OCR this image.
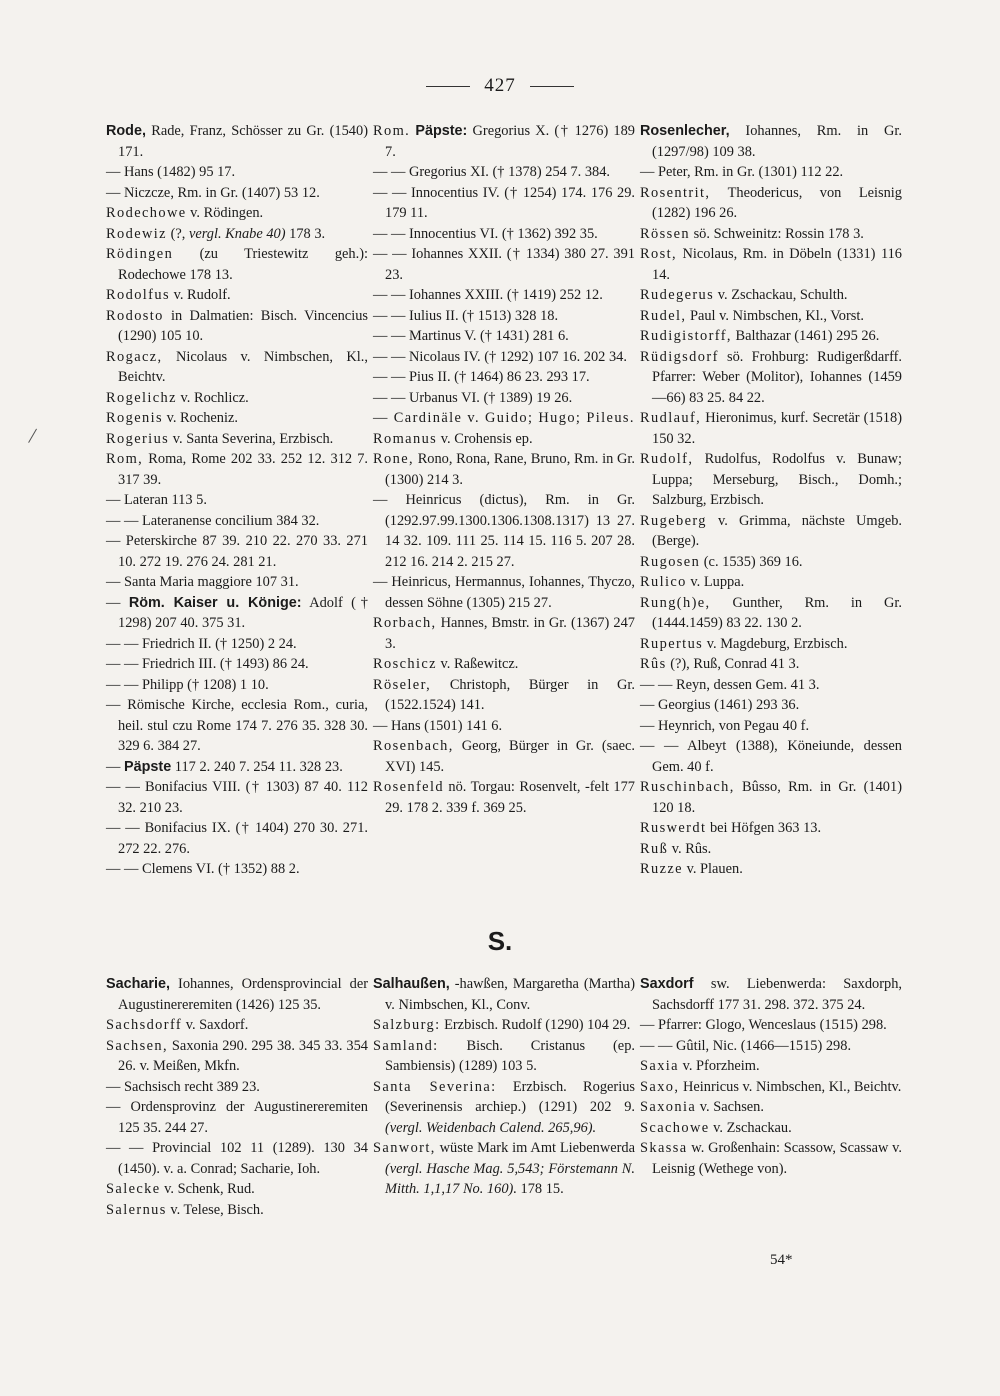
427
Rode, Rade, Franz, Schösser zu Gr. (1540) 171.
— Hans (1482) 95 17.
— Niczcze, Rm. in Gr. (1407) 53 12.
Rodechowe v. Rödingen.
Rodewiz (?, vergl. Knabe 40) 178 3.
Rödingen (zu Triestewitz geh.): Rodechowe 178 13.
Rodolfus v. Rudolf.
Rodosto in Dalmatien: Bisch. Vincencius (1290) 105 10.
Rogacz, Nicolaus v. Nimbschen, Kl., Beichtv.
Rogelichz v. Rochlicz.
Rogenis v. Rocheniz.
Rogerius v. Santa Severina, Erzbisch.
Rom, Roma, Rome 202 33. 252 12. 312 7. 317 39.
— Lateran 113 5.
— — Lateranense concilium 384 32.
— Peterskirche 87 39. 210 22. 270 33. 271 10. 272 19. 276 24. 281 21.
— Santa Maria maggiore 107 31.
— Röm. Kaiser u. Könige: Adolf († 1298) 207 40. 375 31.
— — Friedrich II. († 1250) 2 24.
— — Friedrich III. († 1493) 86 24.
— — Philipp († 1208) 1 10.
— Römische Kirche, ecclesia Rom., curia, heil. stul czu Rome 174 7. 276 35. 328 30. 329 6. 384 27.
— Päpste 117 2. 240 7. 254 11. 328 23.
— — Bonifacius VIII. († 1303) 87 40. 112 32. 210 23.
— — Bonifacius IX. († 1404) 270 30. 271. 272 22. 276.
— — Clemens VI. († 1352) 88 2.
Rom. Päpste: Gregorius X. († 1276) 189 7.
— — Gregorius XI. († 1378) 254 7. 384.
— — Innocentius IV. († 1254) 174. 176 29. 179 11.
— — Innocentius VI. († 1362) 392 35.
— — Iohannes XXII. († 1334) 380 27. 391 23.
— — Iohannes XXIII. († 1419) 252 12.
— — Iulius II. († 1513) 328 18.
— — Martinus V. († 1431) 281 6.
— — Nicolaus IV. († 1292) 107 16. 202 34.
— — Pius II. († 1464) 86 23. 293 17.
— — Urbanus VI. († 1389) 19 26.
— Cardinäle v. Guido; Hugo; Pileus.
Romanus v. Crohensis ep.
Rone, Rono, Rona, Rane, Bruno, Rm. in Gr. (1300) 214 3.
— Heinricus (dictus), Rm. in Gr. (1292.97.99.1300.1306.1308.1317) 13 27. 14 32. 109. 111 25. 114 15. 116 5. 207 28. 212 16. 214 2. 215 27.
— Heinricus, Hermannus, Iohannes, Thyczo, dessen Söhne (1305) 215 27.
Rorbach, Hannes, Bmstr. in Gr. (1367) 247 3.
Roschicz v. Raßewitcz.
Röseler, Christoph, Bürger in Gr. (1522.1524) 141.
— Hans (1501) 141 6.
Rosenbach, Georg, Bürger in Gr. (saec. XVI) 145.
Rosenfeld nö. Torgau: Rosenvelt, -felt 177 29. 178 2. 339 f. 369 25.
Rosenlecher, Iohannes, Rm. in Gr. (1297/98) 109 38.
— Peter, Rm. in Gr. (1301) 112 22.
Rosentrit, Theodericus, von Leisnig (1282) 196 26.
Rössen sö. Schweinitz: Rossin 178 3.
Rost, Nicolaus, Rm. in Döbeln (1331) 116 14.
Rudegerus v. Zschackau, Schulth.
Rudel, Paul v. Nimbschen, Kl., Vorst.
Rudigistorff, Balthazar (1461) 295 26.
Rüdigsdorf sö. Frohburg: Rudigerßdarff. Pfarrer: Weber (Molitor), Iohannes (1459—66) 83 25. 84 22.
Rudlauf, Hieronimus, kurf. Secretär (1518) 150 32.
Rudolf, Rudolfus, Rodolfus v. Bunaw; Luppa; Merseburg, Bisch., Domh.; Salzburg, Erzbisch.
Rugeberg v. Grimma, nächste Umgeb. (Berge).
Rugosen (c. 1535) 369 16.
Rulico v. Luppa.
Rung(h)e, Gunther, Rm. in Gr. (1444.1459) 83 22. 130 2.
Rupertus v. Magdeburg, Erzbisch.
Rûs (?), Ruß, Conrad 41 3.
— — Reyn, dessen Gem. 41 3.
— Georgius (1461) 293 36.
— Heynrich, von Pegau 40 f.
— — Albeyt (1388), Köneiunde, dessen Gem. 40 f.
Ruschinbach, Bûsso, Rm. in Gr. (1401) 120 18.
Ruswerdt bei Höfgen 363 13.
Ruß v. Rûs.
Ruzze v. Plauen.
S.
Sacharie, Iohannes, Ordensprovincial der Augustinereremiten (1426) 125 35.
Sachsdorff v. Saxdorf.
Sachsen, Saxonia 290. 295 38. 345 33. 354 26. v. Meißen, Mkfn.
— Sachsisch recht 389 23.
— Ordensprovinz der Augustinereremiten 125 35. 244 27.
— — Provincial 102 11 (1289). 130 34 (1450). v. a. Conrad; Sacharie, Ioh.
Salecke v. Schenk, Rud.
Salernus v. Telese, Bisch.
Salhaußen, -hawßen, Margaretha (Martha) v. Nimbschen, Kl., Conv.
Salzburg: Erzbisch. Rudolf (1290) 104 29.
Samland: Bisch. Cristanus (ep. Sambiensis) (1289) 103 5.
Santa Severina: Erzbisch. Rogerius (Severinensis archiep.) (1291) 202 9. (vergl. Weidenbach Calend. 265,96).
Sanwort, wüste Mark im Amt Liebenwerda (vergl. Hasche Mag. 5,543; Förstemann N. Mitth. 1,1,17 No. 160). 178 15.
Saxdorf sw. Liebenwerda: Saxdorph, Sachsdorff 177 31. 298. 372. 375 24.
— Pfarrer: Glogo, Wenceslaus (1515) 298.
— — Gûtil, Nic. (1466—1515) 298.
Saxia v. Pforzheim.
Saxo, Heinricus v. Nimbschen, Kl., Beichtv.
Saxonia v. Sachsen.
Scachowe v. Zschackau.
Skassa w. Großenhain: Scassow, Scassaw v. Leisnig (Wethege von).
54*
